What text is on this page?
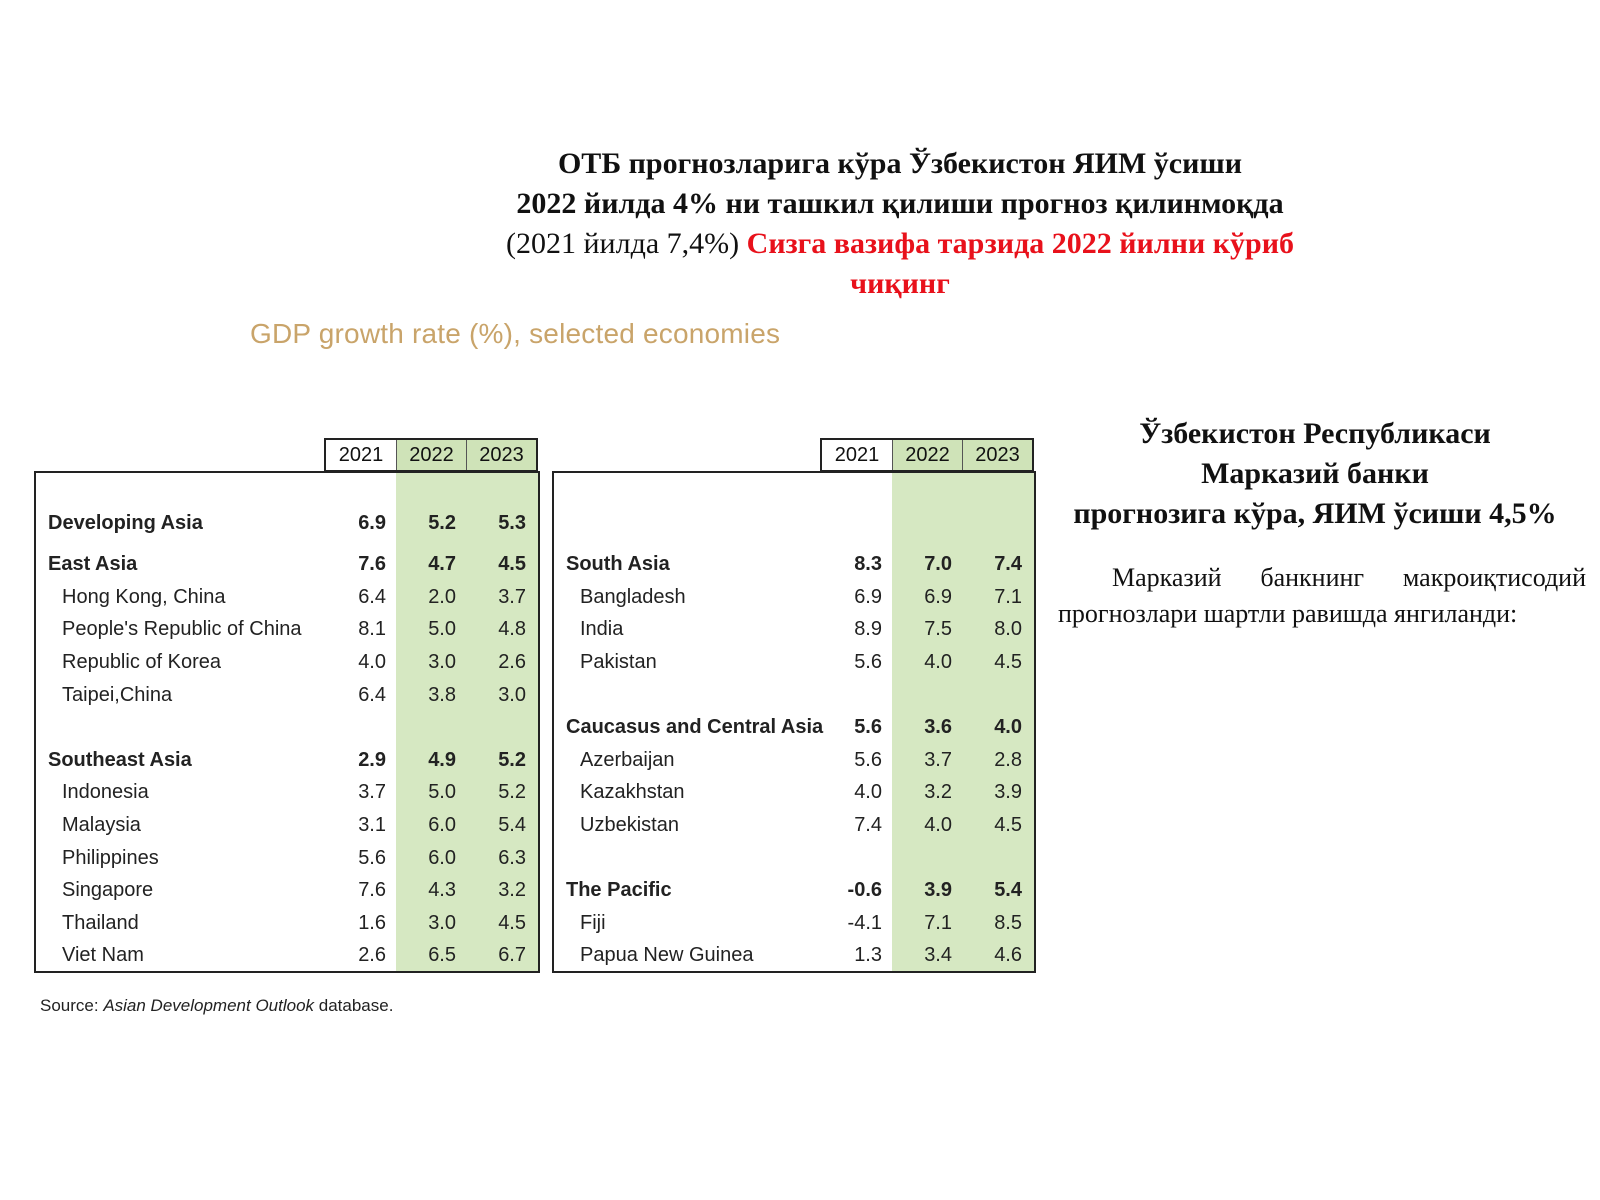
ОТБ прогнозларига кўра Ўзбекистон ЯИМ ўсиши
2022 йилда 4% ни ташкил қилиши прогноз қилинмоқда
(2021 йилда 7,4%) Сизга вазифа тарзида 2022 йилни кўриб
чиқинг
GDP growth rate (%), selected economies
2021	2022	2023
Developing Asia	6.9	5.2	5.3
East Asia	7.6	4.7	4.5
Hong Kong, China	6.4	2.0	3.7
People's Republic of China	8.1	5.0	4.8
Republic of Korea	4.0	3.0	2.6
Taipei,China	6.4	3.8	3.0
Southeast Asia	2.9	4.9	5.2
Indonesia	3.7	5.0	5.2
Malaysia	3.1	6.0	5.4
Philippines	5.6	6.0	6.3
Singapore	7.6	4.3	3.2
Thailand	1.6	3.0	4.5
Viet Nam	2.6	6.5	6.7
2021	2022	2023
South Asia	8.3	7.0	7.4
Bangladesh	6.9	6.9	7.1
India	8.9	7.5	8.0
Pakistan	5.6	4.0	4.5
Caucasus and Central Asia	5.6	3.6	4.0
Azerbaijan	5.6	3.7	2.8
Kazakhstan	4.0	3.2	3.9
Uzbekistan	7.4	4.0	4.5
The Pacific	-0.6	3.9	5.4
Fiji	-4.1	7.1	8.5
Papua New Guinea	1.3	3.4	4.6
Ўзбекистон Республикаси
Марказий банки
прогнозига кўра, ЯИМ ўсиши 4,5%
Марказий банкнинг макроиқтисодий прогнозлари шартли равишда янгиланди:
Source: Asian Development Outlook database.
